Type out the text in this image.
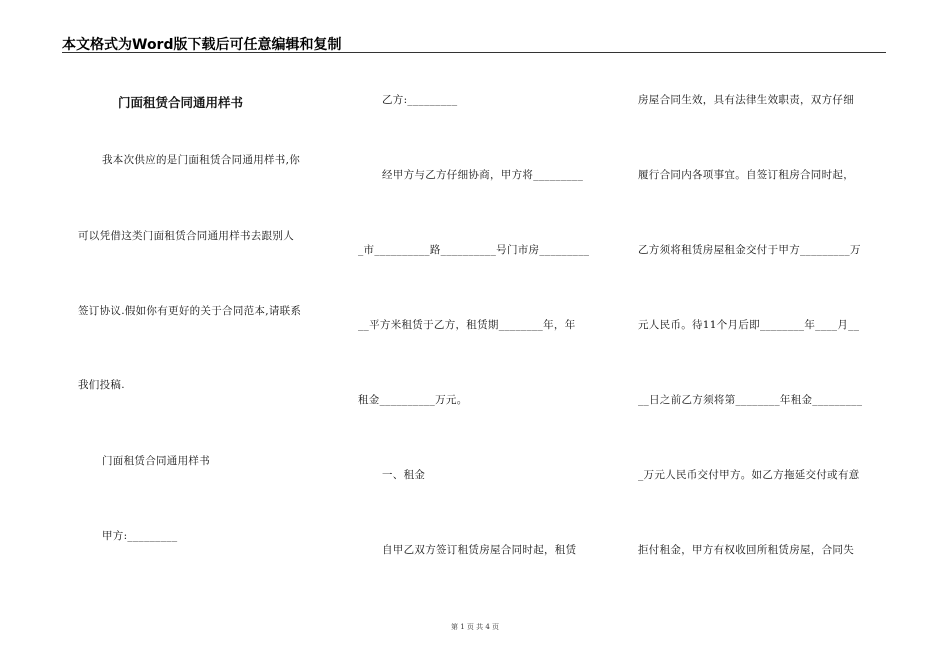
本文格式为Word版下载后可任意编辑和复制
门面租赁合同通用样书
我本次供应的是门面租赁合同通用样书,你
可以凭借这类门面租赁合同通用样书去跟别人
签订协议.假如你有更好的关于合同范本,请联系
我们投稿.
门面租赁合同通用样书
甲方:_________
乙方:_________
经甲方与乙方仔细协商，甲方将_________
_市__________路__________号门市房_________
__平方米租赁于乙方，租赁期________年，年
租金__________万元。
一、租金
自甲乙双方签订租赁房屋合同时起，租赁
房屋合同生效，具有法律生效职责，双方仔细
履行合同内各项事宜。自签订租房合同时起，
乙方须将租赁房屋租金交付于甲方_________万
元人民币。待11个月后即________年____月__
__日之前乙方须将第________年租金_________
_万元人民币交付甲方。如乙方拖延交付或有意
拒付租金，甲方有权收回所租赁房屋，合同失
第 1 页 共 4 页
